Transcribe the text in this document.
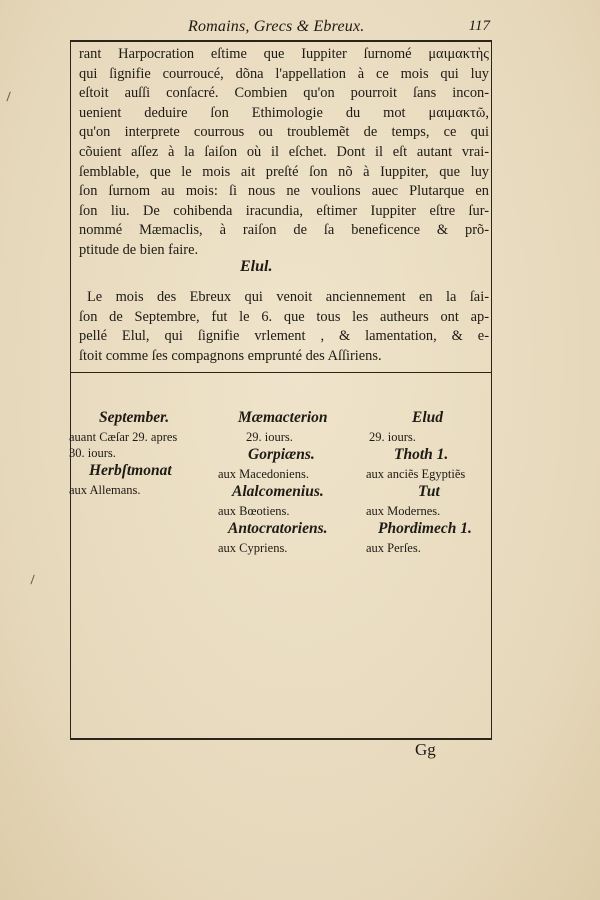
Romains, Grecs & Ebreux.	117
rant Harpocration eſtime que Iuppiter ſurnomé μαιμακτὴς
qui ſignifie courroucé, dõna l'appellation à ce mois qui luy
eſtoit auſſi conſacré. Combien qu'on pourroit ſans incon-
uenient deduire ſon Ethimologie du mot μαιμακτῶ,
qu'on interprete courrous ou troublemẽt de temps, ce qui
cõuient aſſez à la ſaiſon où il eſchet. Dont il eſt autant vrai-
ſemblable, que le mois ait preſté ſon nõ à Iuppiter, que luy
ſon ſurnom au mois: ſi nous ne voulions auec Plutarque en
ſon liu. De cohibenda iracundia, eſtimer Iuppiter eſtre ſur-
nommé Mæmaclis, à raiſon de ſa beneficence & prõ-
ptitude de bien faire.
Elul.
Le mois des Ebreux qui venoit anciennement en la ſai-
ſon de Septembre, fut le 6. que tous les autheurs ont ap-
pellé Elul, qui ſignifie vrlement , & lamentation, & e-
ſtoit comme ſes compagnons emprunté des Aſſiriens.
September.
auant Cæſar 29. apres
30. iours.
Herbſtmonat
aux Allemans.
Mæmacterion
29. iours.
Gorpiæns.
aux Macedoniens.
Alalcomenius.
aux Bœotiens.
Antocratoriens.
aux Cypriens.
Elud
29. iours.
Thoth 1.
aux anciẽs Egyptiẽs
Tut
aux Modernes.
Phordimech 1.
aux Perſes.
Gg
